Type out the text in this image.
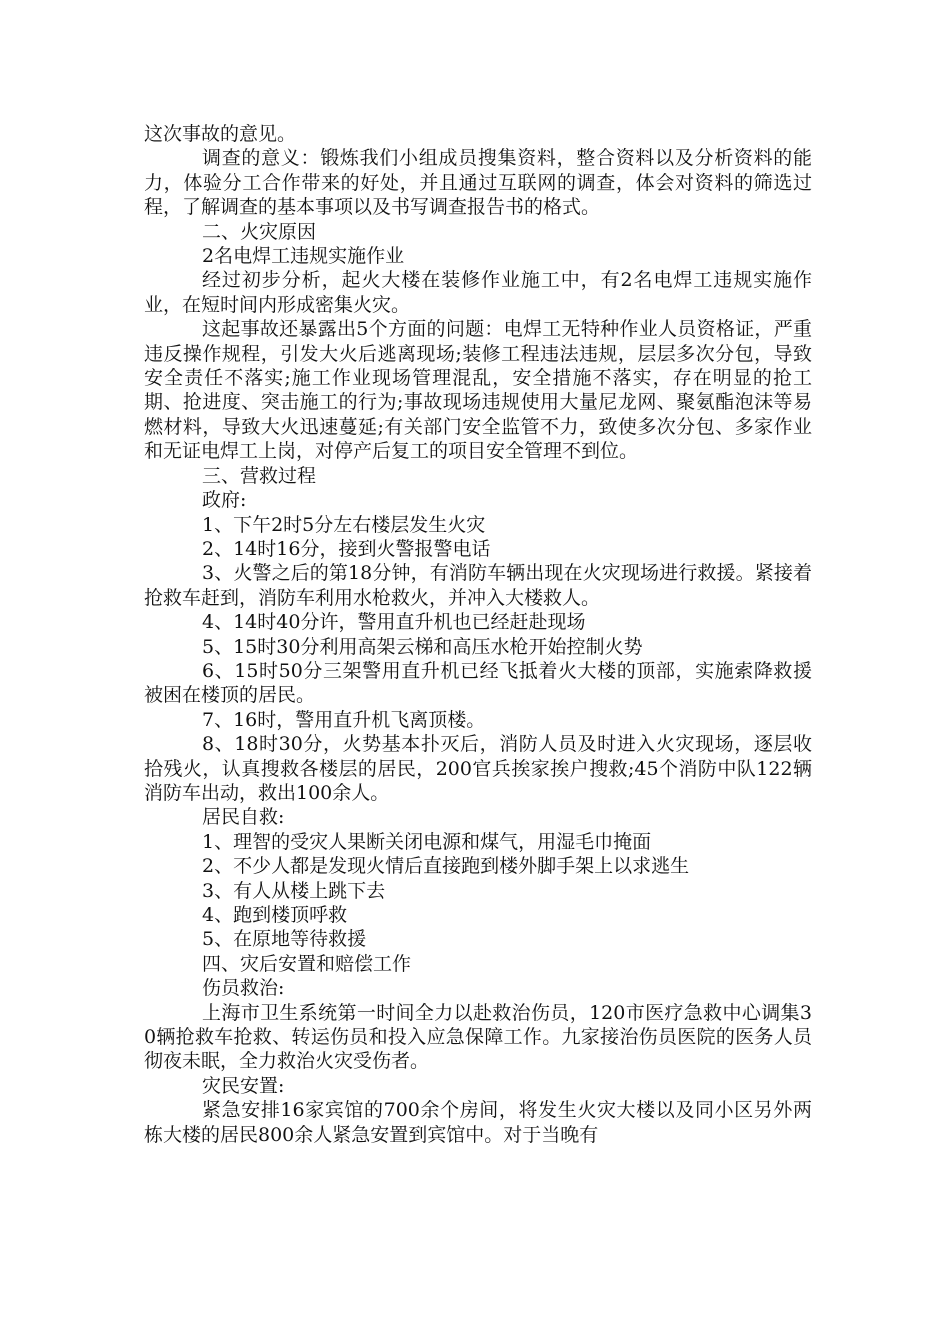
这次事故的意见。

调查的意义：锻炼我们小组成员搜集资料，整合资料以及分析资料的能力，体验分工合作带来的好处，并且通过互联网的调查，体会对资料的筛选过程，了解调查的基本事项以及书写调查报告书的格式。

二、火灾原因

2名电焊工违规实施作业

经过初步分析，起火大楼在装修作业施工中，有2名电焊工违规实施作业，在短时间内形成密集火灾。

这起事故还暴露出5个方面的问题：电焊工无特种作业人员资格证，严重违反操作规程，引发大火后逃离现场;装修工程违法违规，层层多次分包，导致安全责任不落实;施工作业现场管理混乱，安全措施不落实，存在明显的抢工期、抢进度、突击施工的行为;事故现场违规使用大量尼龙网、聚氨酯泡沫等易燃材料，导致大火迅速蔓延;有关部门安全监管不力，致使多次分包、多家作业和无证电焊工上岗，对停产后复工的项目安全管理不到位。

三、营救过程

政府:

1、下午2时5分左右楼层发生火灾

2、14时16分，接到火警报警电话

3、火警之后的第18分钟，有消防车辆出现在火灾现场进行救援。紧接着抢救车赶到，消防车利用水枪救火，并冲入大楼救人。

4、14时40分许，警用直升机也已经赶赴现场

5、15时30分利用高架云梯和高压水枪开始控制火势

6、15时50分三架警用直升机已经飞抵着火大楼的顶部，实施索降救援被困在楼顶的居民。

7、16时，警用直升机飞离顶楼。

8、18时30分，火势基本扑灭后，消防人员及时进入火灾现场，逐层收拾残火，认真搜救各楼层的居民，200官兵挨家挨户搜救;45个消防中队122辆消防车出动，救出100余人。

居民自救:

1、理智的受灾人果断关闭电源和煤气，用湿毛巾掩面

2、不少人都是发现火情后直接跑到楼外脚手架上以求逃生

3、有人从楼上跳下去

4、跑到楼顶呼救

5、在原地等待救援

四、灾后安置和赔偿工作

伤员救治:

上海市卫生系统第一时间全力以赴救治伤员，120市医疗急救中心调集30辆抢救车抢救、转运伤员和投入应急保障工作。九家接治伤员医院的医务人员彻夜未眠，全力救治火灾受伤者。

灾民安置:

紧急安排16家宾馆的700余个房间，将发生火灾大楼以及同小区另外两栋大楼的居民800余人紧急安置到宾馆中。对于当晚有
